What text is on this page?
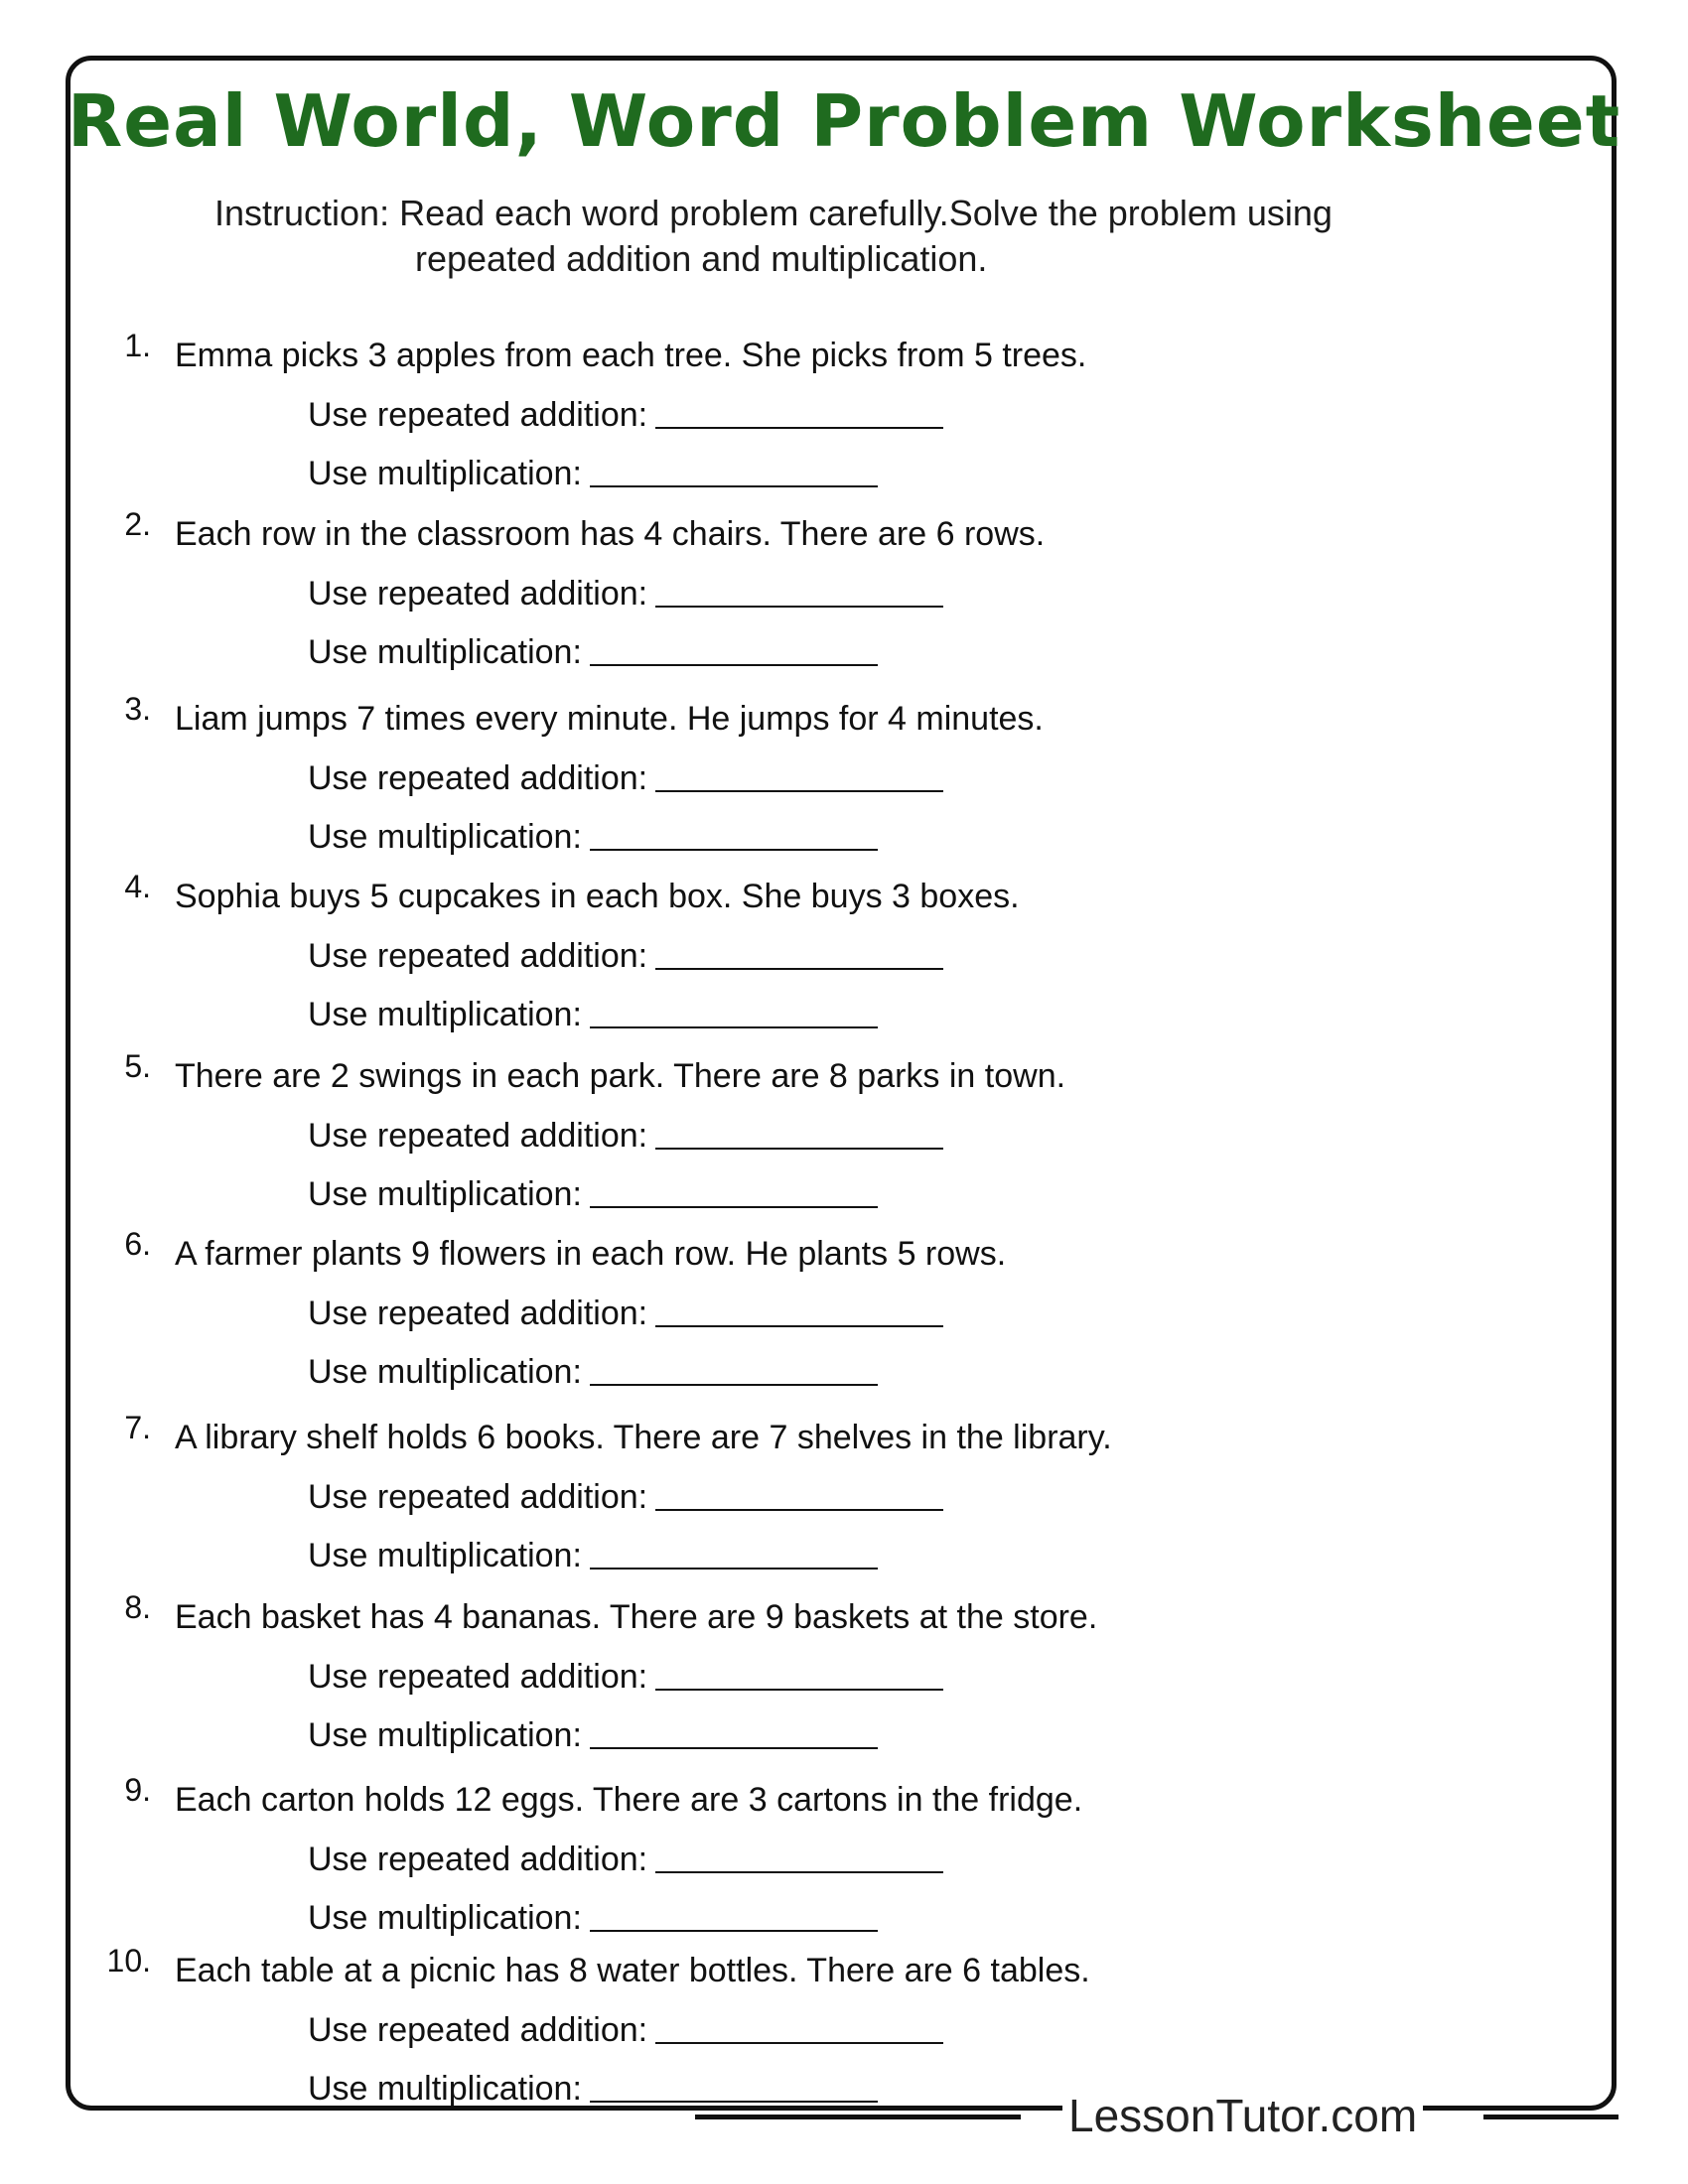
Real World, Word Problem Worksheet
Instruction: Read each word problem carefully.Solve the problem using
repeated addition and multiplication.
1. Emma picks 3 apples from each tree. She picks from 5 trees.
Use repeated addition:
Use multiplication:
2. Each row in the classroom has 4 chairs. There are 6 rows.
Use repeated addition:
Use multiplication:
3. Liam jumps 7 times every minute. He jumps for 4 minutes.
Use repeated addition:
Use multiplication:
4. Sophia buys 5 cupcakes in each box. She buys 3 boxes.
Use repeated addition:
Use multiplication:
5. There are 2 swings in each park. There are 8 parks in town.
Use repeated addition:
Use multiplication:
6. A farmer plants 9 flowers in each row. He plants 5 rows.
Use repeated addition:
Use multiplication:
7. A library shelf holds 6 books. There are 7 shelves in the library.
Use repeated addition:
Use multiplication:
8. Each basket has 4 bananas. There are 9 baskets at the store.
Use repeated addition:
Use multiplication:
9. Each carton holds 12 eggs. There are 3 cartons in the fridge.
Use repeated addition:
Use multiplication:
10. Each table at a picnic has 8 water bottles. There are 6 tables.
Use repeated addition:
Use multiplication:
LessonTutor.com
